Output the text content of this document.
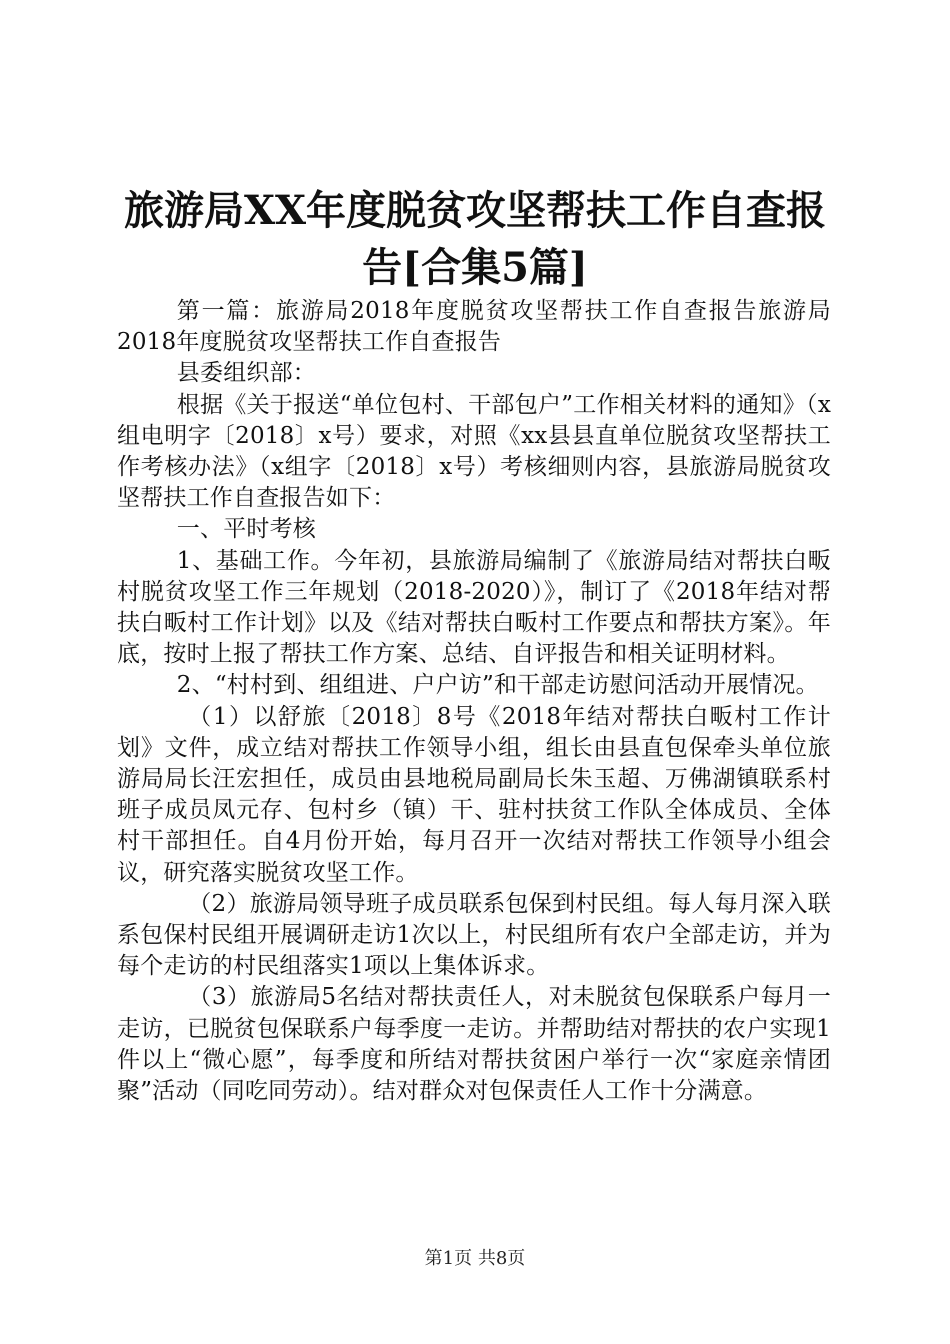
旅游局XX年度脱贫攻坚帮扶工作自查报告[合集5篇]

第一篇：旅游局2018年度脱贫攻坚帮扶工作自查报告旅游局2018年度脱贫攻坚帮扶工作自查报告

县委组织部：

根据《关于报送“单位包村、干部包户”工作相关材料的通知》（x组电明字〔2018〕x号）要求，对照《xx县县直单位脱贫攻坚帮扶工作考核办法》（x组字〔2018〕x号）考核细则内容，县旅游局脱贫攻坚帮扶工作自查报告如下：

一、平时考核

1、基础工作。今年初，县旅游局编制了《旅游局结对帮扶白畈村脱贫攻坚工作三年规划（2018-2020）》，制订了《2018年结对帮扶白畈村工作计划》以及《结对帮扶白畈村工作要点和帮扶方案》。年底，按时上报了帮扶工作方案、总结、自评报告和相关证明材料。

2、“村村到、组组进、户户访”和干部走访慰问活动开展情况。

（1）以舒旅〔2018〕8号《2018年结对帮扶白畈村工作计划》文件，成立结对帮扶工作领导小组，组长由县直包保牵头单位旅游局局长汪宏担任，成员由县地税局副局长朱玉超、万佛湖镇联系村班子成员凤元存、包村乡（镇）干、驻村扶贫工作队全体成员、全体村干部担任。自4月份开始，每月召开一次结对帮扶工作领导小组会议，研究落实脱贫攻坚工作。

（2）旅游局领导班子成员联系包保到村民组。每人每月深入联系包保村民组开展调研走访1次以上，村民组所有农户全部走访，并为每个走访的村民组落实1项以上集体诉求。

（3）旅游局5名结对帮扶责任人，对未脱贫包保联系户每月一走访，已脱贫包保联系户每季度一走访。并帮助结对帮扶的农户实现1件以上“微心愿”，每季度和所结对帮扶贫困户举行一次“家庭亲情团聚”活动（同吃同劳动）。结对群众对包保责任人工作十分满意。

第1页 共8页
